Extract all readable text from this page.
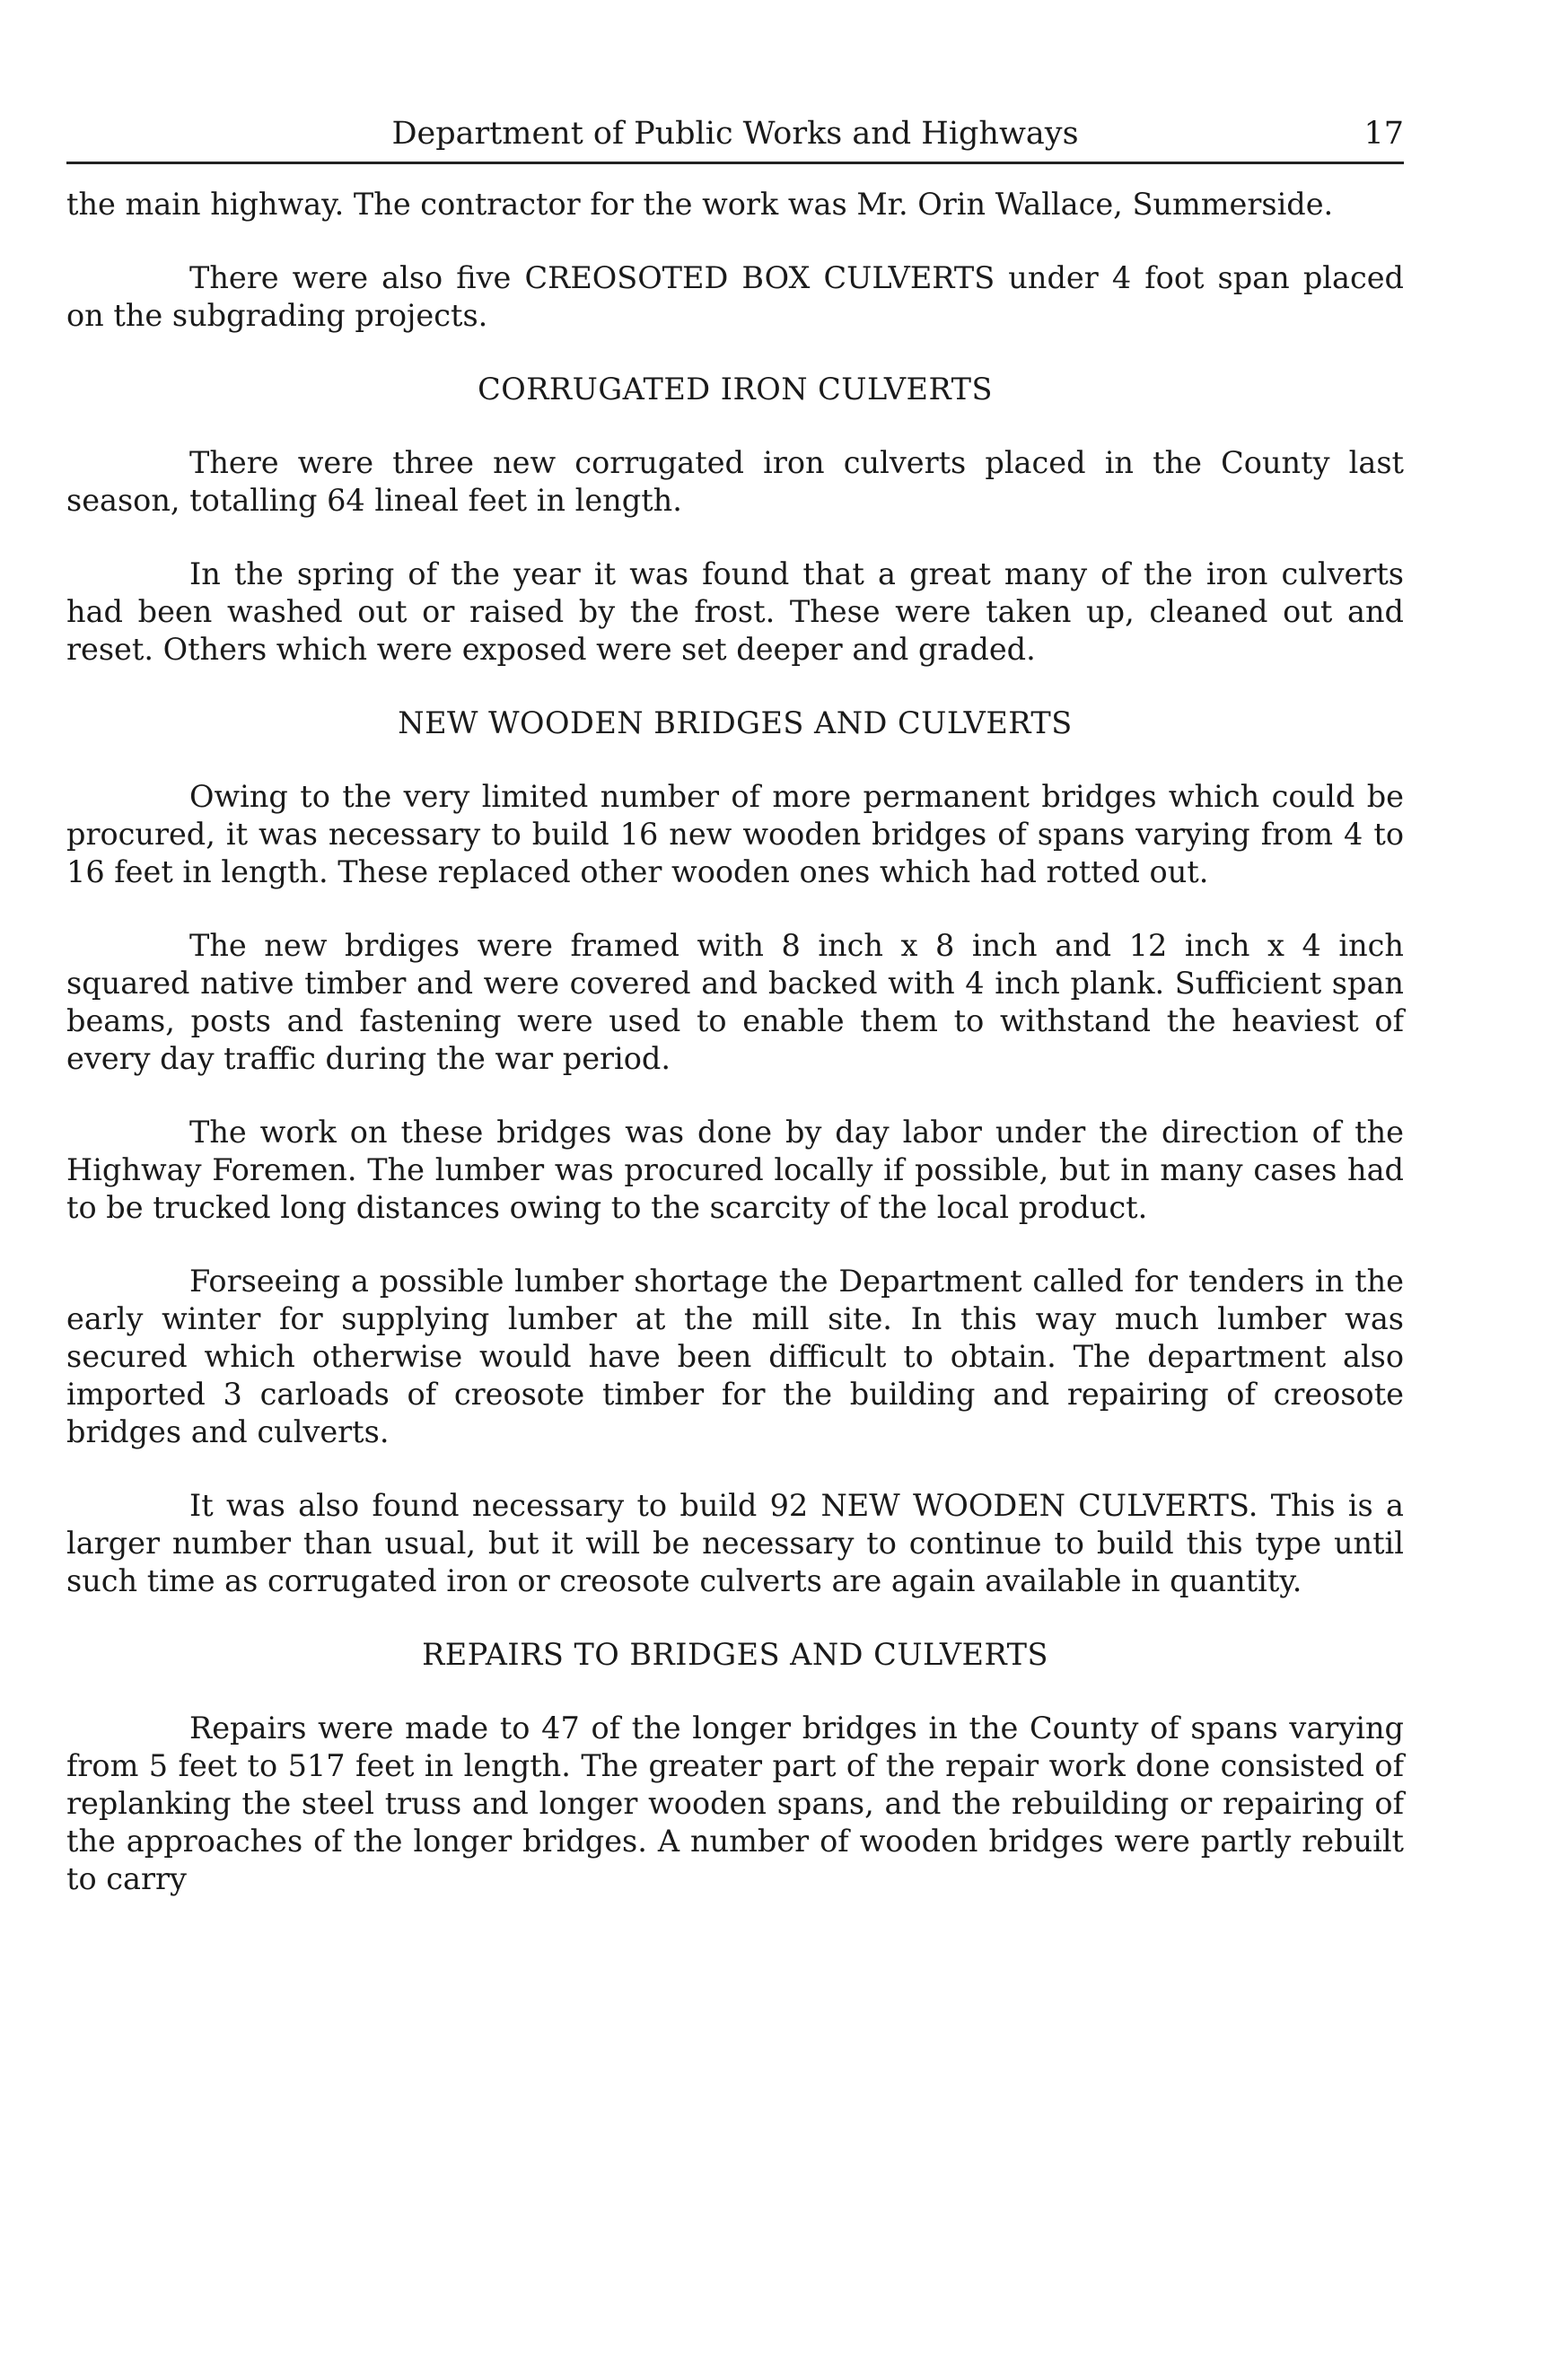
Department of Public Works and Highways	17

the main highway. The contractor for the work was Mr. Orin Wallace, Summerside.

There were also five CREOSOTED BOX CULVERTS under 4 foot span placed on the subgrading projects.

CORRUGATED IRON CULVERTS

There were three new corrugated iron culverts placed in the County last season, totalling 64 lineal feet in length.

In the spring of the year it was found that a great many of the iron culverts had been washed out or raised by the frost. These were taken up, cleaned out and reset. Others which were exposed were set deeper and graded.

NEW WOODEN BRIDGES AND CULVERTS

Owing to the very limited number of more permanent bridges which could be procured, it was necessary to build 16 new wooden bridges of spans varying from 4 to 16 feet in length. These replaced other wooden ones which had rotted out.

The new brdiges were framed with 8 inch x 8 inch and 12 inch x 4 inch squared native timber and were covered and backed with 4 inch plank. Sufficient span beams, posts and fastening were used to enable them to withstand the heaviest of every day traffic during the war period.

The work on these bridges was done by day labor under the direction of the Highway Foremen. The lumber was procured locally if possible, but in many cases had to be trucked long distances owing to the scarcity of the local product.

Forseeing a possible lumber shortage the Department called for tenders in the early winter for supplying lumber at the mill site. In this way much lumber was secured which otherwise would have been difficult to obtain. The department also imported 3 carloads of creosote timber for the building and repairing of creosote bridges and culverts.

It was also found necessary to build 92 NEW WOODEN CULVERTS. This is a larger number than usual, but it will be necessary to continue to build this type until such time as corrugated iron or creosote culverts are again available in quantity.

REPAIRS TO BRIDGES AND CULVERTS

Repairs were made to 47 of the longer bridges in the County of spans varying from 5 feet to 517 feet in length. The greater part of the repair work done consisted of replanking the steel truss and longer wooden spans, and the rebuilding or repairing of the approaches of the longer bridges. A number of wooden bridges were partly rebuilt to carry
